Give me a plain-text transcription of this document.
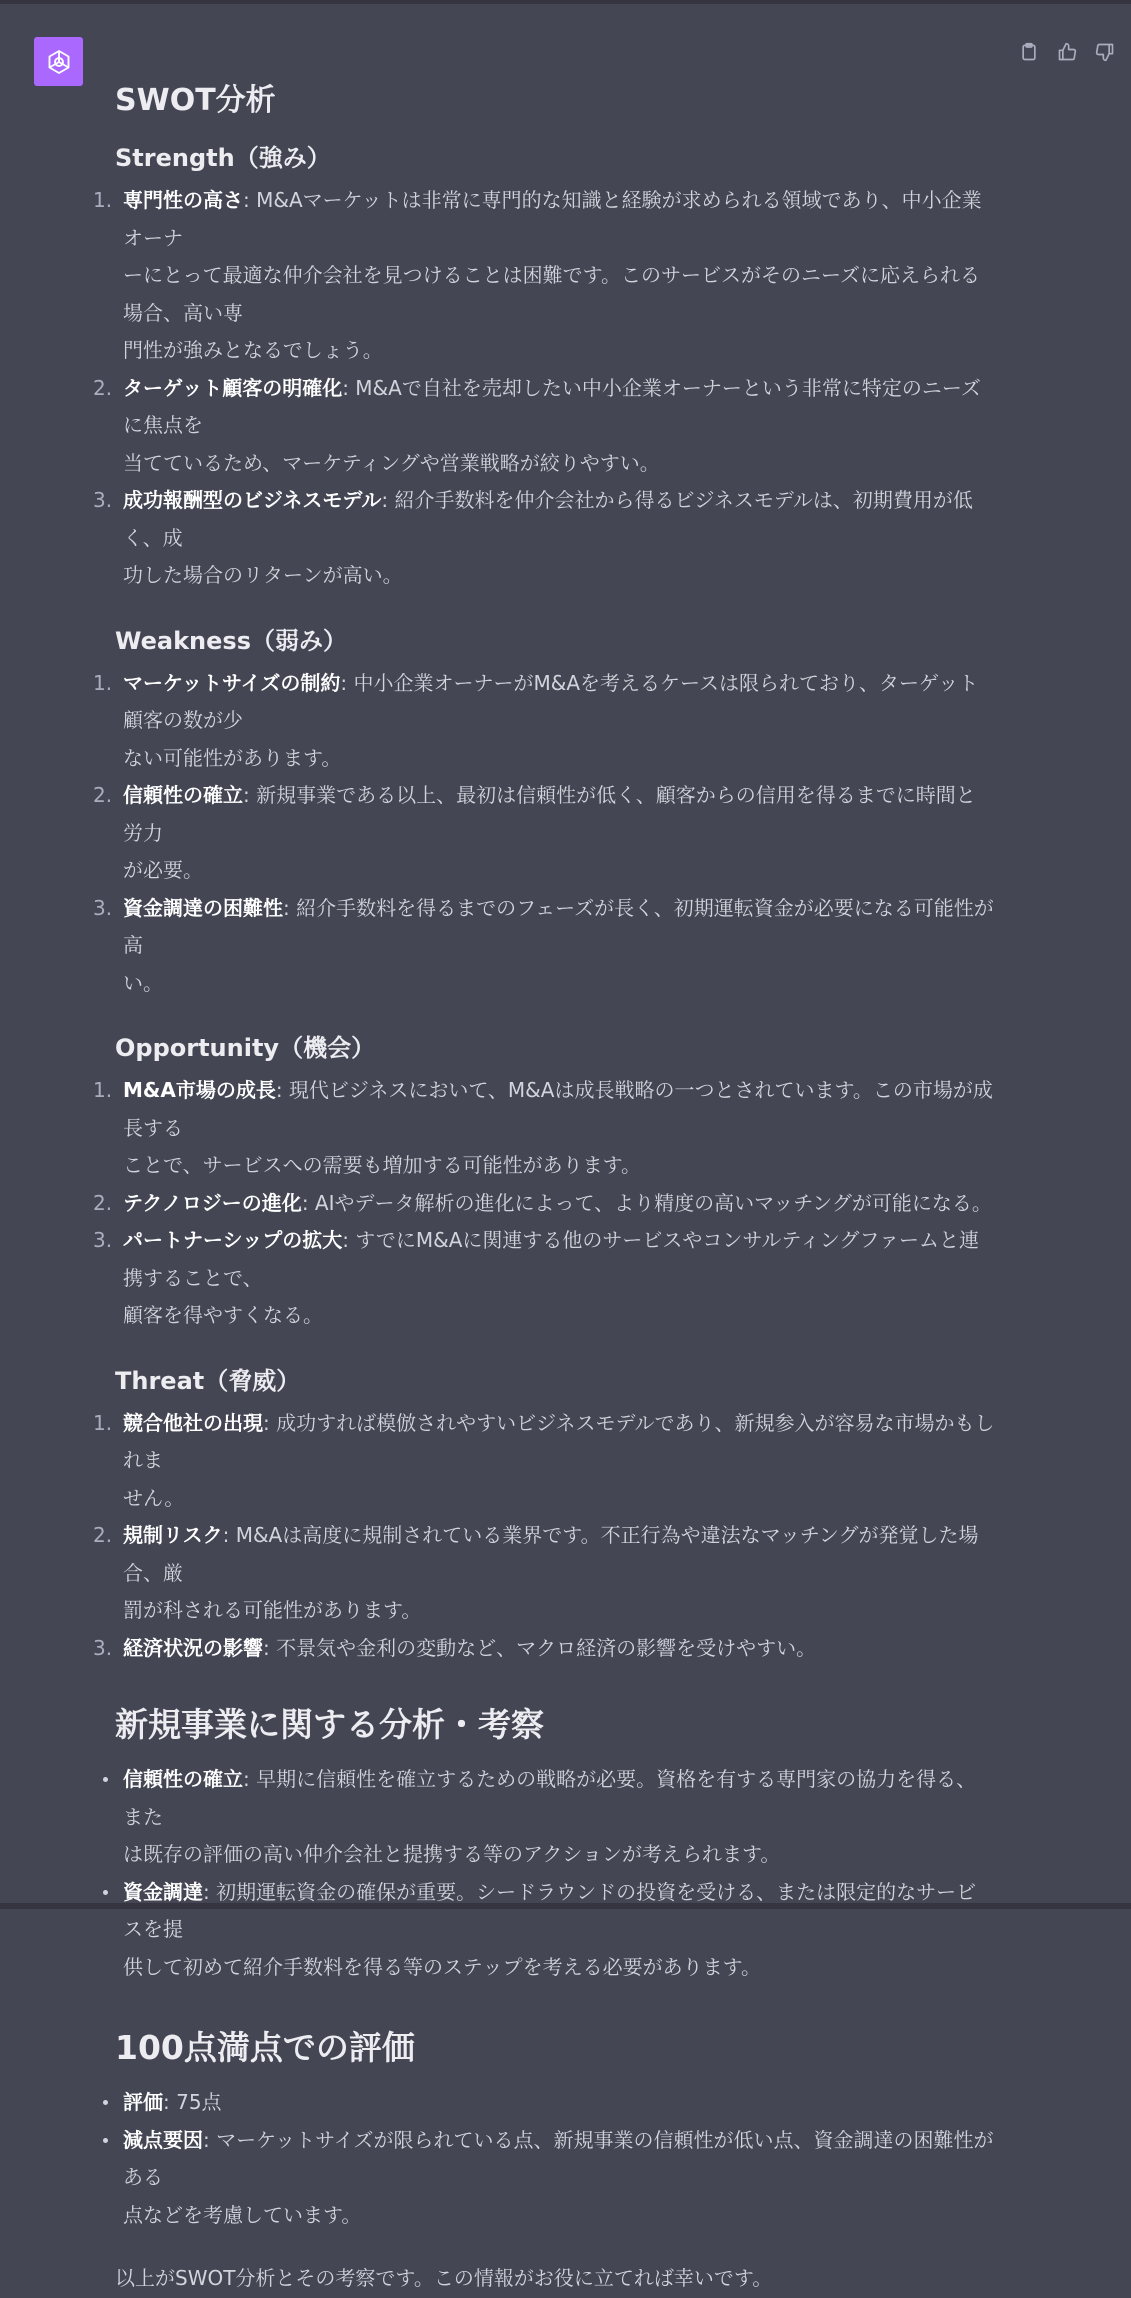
SWOT分析
Strength（強み）
1. 専門性の高さ: M&Aマーケットは非常に専門的な知識と経験が求められる領域であり、中小企業オーナ
ーにとって最適な仲介会社を見つけることは困難です。このサービスがそのニーズに応えられる場合、高い専
門性が強みとなるでしょう。
2. ターゲット顧客の明確化: M&Aで自社を売却したい中小企業オーナーという非常に特定のニーズに焦点を
当てているため、マーケティングや営業戦略が絞りやすい。
3. 成功報酬型のビジネスモデル: 紹介手数料を仲介会社から得るビジネスモデルは、初期費用が低く、成
功した場合のリターンが高い。
Weakness（弱み）
1. マーケットサイズの制約: 中小企業オーナーがM&Aを考えるケースは限られており、ターゲット顧客の数が少
ない可能性があります。
2. 信頼性の確立: 新規事業である以上、最初は信頼性が低く、顧客からの信用を得るまでに時間と労力
が必要。
3. 資金調達の困難性: 紹介手数料を得るまでのフェーズが長く、初期運転資金が必要になる可能性が高
い。
Opportunity（機会）
1. M&A市場の成長: 現代ビジネスにおいて、M&Aは成長戦略の一つとされています。この市場が成長する
ことで、サービスへの需要も増加する可能性があります。
2. テクノロジーの進化: AIやデータ解析の進化によって、より精度の高いマッチングが可能になる。
3. パートナーシップの拡大: すでにM&Aに関連する他のサービスやコンサルティングファームと連携することで、
顧客を得やすくなる。
Threat（脅威）
1. 競合他社の出現: 成功すれば模倣されやすいビジネスモデルであり、新規参入が容易な市場かもしれま
せん。
2. 規制リスク: M&Aは高度に規制されている業界です。不正行為や違法なマッチングが発覚した場合、厳
罰が科される可能性があります。
3. 経済状況の影響: 不景気や金利の変動など、マクロ経済の影響を受けやすい。
新規事業に関する分析・考察
信頼性の確立: 早期に信頼性を確立するための戦略が必要。資格を有する専門家の協力を得る、また
は既存の評価の高い仲介会社と提携する等のアクションが考えられます。
資金調達: 初期運転資金の確保が重要。シードラウンドの投資を受ける、または限定的なサービスを提
供して初めて紹介手数料を得る等のステップを考える必要があります。
100点満点での評価
評価: 75点
減点要因: マーケットサイズが限られている点、新規事業の信頼性が低い点、資金調達の困難性がある
点などを考慮しています。

以上がSWOT分析とその考察です。この情報がお役に立てれば幸いです。
